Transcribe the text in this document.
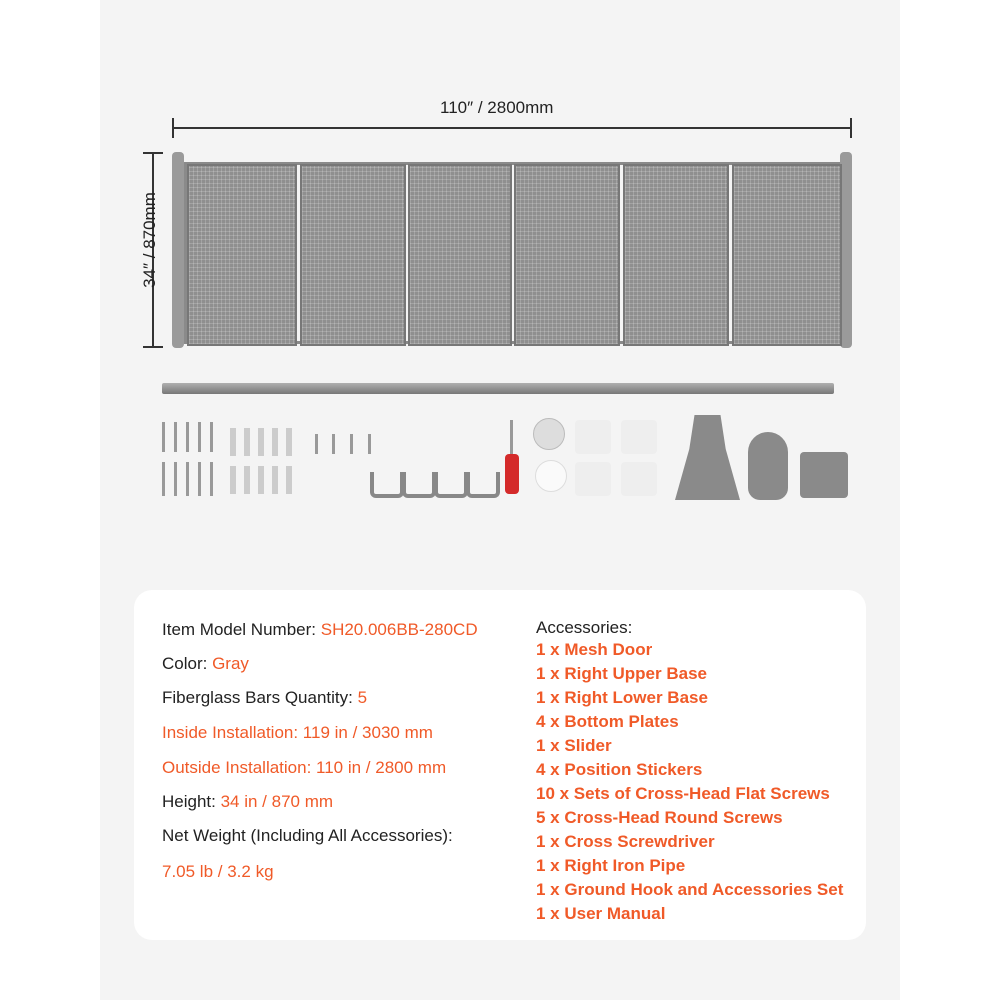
110″ / 2800mm
34″ / 870mm
Item Model Number: SH20.006BB-280CD
Color: Gray
Fiberglass Bars Quantity: 5
Inside Installation: 119 in / 3030 mm
Outside Installation: 110 in / 2800 mm
Height: 34 in / 870 mm
Net Weight (Including All Accessories):
7.05 lb / 3.2 kg
Accessories:
1 x Mesh Door
1 x Right Upper Base
1 x Right Lower Base
4 x Bottom Plates
1 x Slider
4 x Position Stickers
10 x Sets of Cross-Head Flat Screws
5 x Cross-Head Round Screws
1 x Cross Screwdriver
1 x Right Iron Pipe
1 x Ground Hook and Accessories Set
1 x User Manual
